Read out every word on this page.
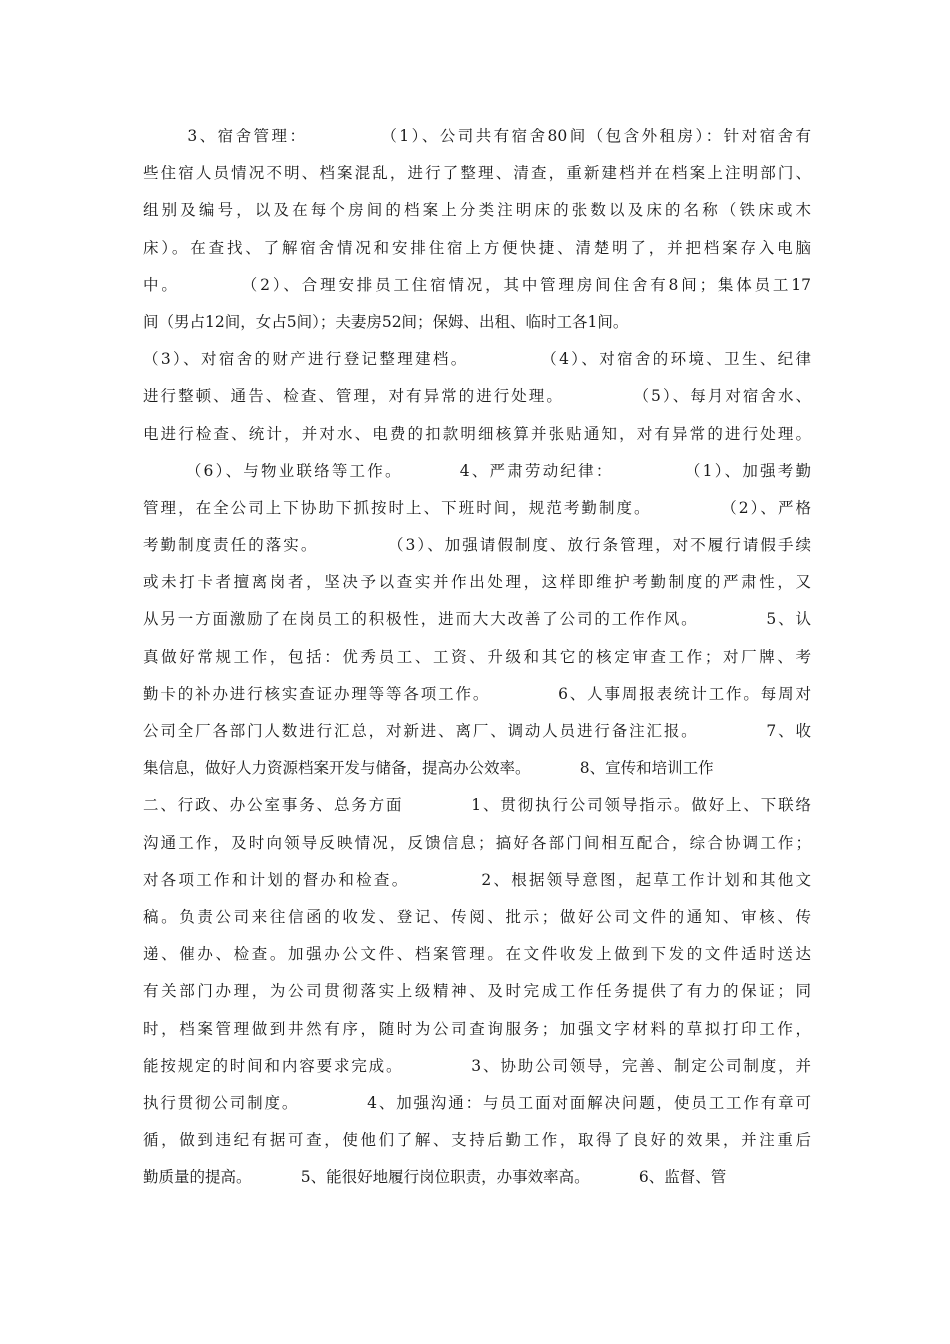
3、宿舍管理：          （1）、公司共有宿舍80间（包含外租房）：针对宿舍有
些住宿人员情况不明、档案混乱，进行了整理、清查，重新建档并在档案上注明部门、
组别及编号，以及在每个房间的档案上分类注明床的张数以及床的名称（铁床或木
床）。在查找、了解宿舍情况和安排住宿上方便快捷、清楚明了，并把档案存入电脑
中。        （2）、合理安排员工住宿情况，其中管理房间住舍有8间；集体员工17
间（男占12间，女占5间）；夫妻房52间；保姆、出租、临时工各1间。
（3）、对宿舍的财产进行登记整理建档。          （4）、对宿舍的环境、卫生、纪律
进行整顿、通告、检查、管理，对有异常的进行处理。          （5）、每月对宿舍水、
电进行检查、统计，并对水、电费的扣款明细核算并张贴通知，对有异常的进行处理。
（6）、与物业联络等工作。        4、严肃劳动纪律：          （1）、加强考勤
管理，在全公司上下协助下抓按时上、下班时间，规范考勤制度。          （2）、严格
考勤制度责任的落实。          （3）、加强请假制度、放行条管理，对不履行请假手续
或未打卡者擅离岗者，坚决予以查实并作出处理，这样即维护考勤制度的严肃性，又
从另一方面激励了在岗员工的积极性，进而大大改善了公司的工作作风。          5、认
真做好常规工作，包括：优秀员工、工资、升级和其它的核定审查工作；对厂牌、考
勤卡的补办进行核实查证办理等等各项工作。          6、人事周报表统计工作。每周对
公司全厂各部门人数进行汇总，对新进、离厂、调动人员进行备注汇报。          7、收
集信息，做好人力资源档案开发与储备，提高办公效率。          8、宣传和培训工作
二、行政、办公室事务、总务方面          1、贯彻执行公司领导指示。做好上、下联络
沟通工作，及时向领导反映情况，反馈信息；搞好各部门间相互配合，综合协调工作；
对各项工作和计划的督办和检查。          2、根据领导意图，起草工作计划和其他文
稿。负责公司来往信函的收发、登记、传阅、批示；做好公司文件的通知、审核、传
递、催办、检查。加强办公文件、档案管理。在文件收发上做到下发的文件适时送达
有关部门办理，为公司贯彻落实上级精神、及时完成工作任务提供了有力的保证；同
时，档案管理做到井然有序，随时为公司查询服务；加强文字材料的草拟打印工作，
能按规定的时间和内容要求完成。          3、协助公司领导，完善、制定公司制度，并
执行贯彻公司制度。          4、加强沟通：与员工面对面解决问题，使员工工作有章可
循，做到违纪有据可查，使他们了解、支持后勤工作，取得了良好的效果，并注重后
勤质量的提高。          5、能很好地履行岗位职责，办事效率高。          6、监督、管
